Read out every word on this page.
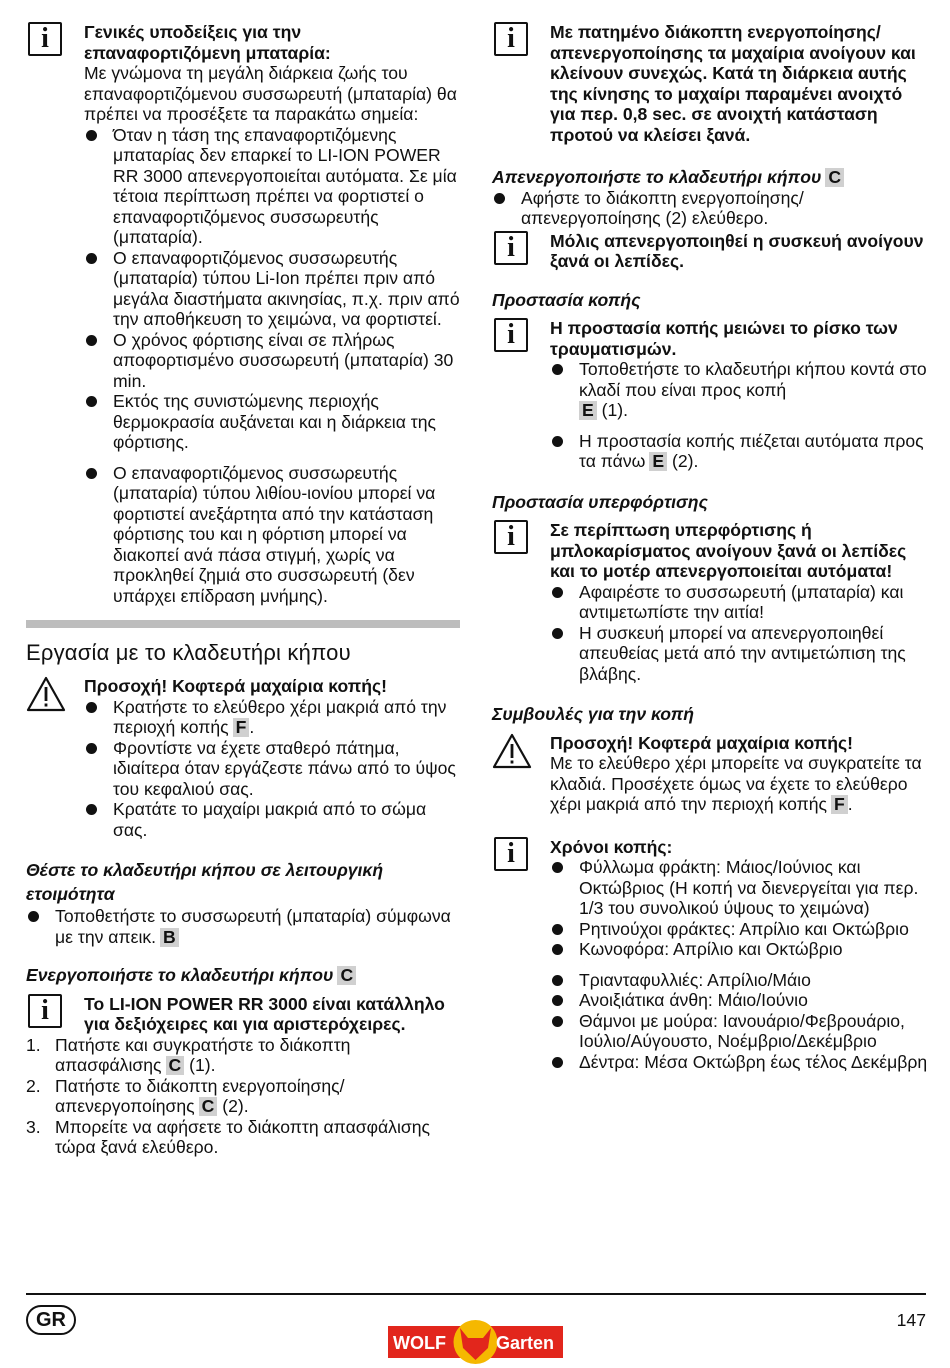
i	Γενικές υποδείξεις για την επαναφορτιζόμενη μπαταρία:

Με γνώμονα τη μεγάλη διάρκεια ζωής του επαναφορτιζόμενου συσσωρευτή (μπαταρία) θα πρέπει να προσέξετε τα παρακάτω σημεία:

Όταν η τάση της επαναφορτιζόμενης μπαταρίας δεν επαρκεί το LI-ION POWER RR 3000 απενεργοποιείται αυτόματα. Σε μία τέτοια περίπτωση πρέπει να φορτιστεί ο επαναφορτιζόμενος συσσωρευτής (μπαταρία).
Ο επαναφορτιζόμενος συσσωρευτής (μπαταρία) τύπου Li-Ion πρέπει πριν από μεγάλα διαστήματα ακινησίας, π.χ. πριν από την αποθήκευση το χειμώνα, να φορτιστεί.
Ο χρόνος φόρτισης είναι σε πλήρως αποφορτισμένο συσσωρευτή (μπαταρία) 30 min.
Εκτός της συνιστώμενης περιοχής θερμοκρασία αυξάνεται και η διάρκεια της φόρτισης.
Ο επαναφορτιζόμενος συσσωρευτής (μπαταρία) τύπου λιθίου-ιονίου μπορεί να φορτιστεί ανεξάρτητα από την κατάσταση φόρτισης του και η φόρτιση μπορεί να διακοπεί ανά πάσα στιγμή, χωρίς να προκληθεί ζημιά στο συσσωρευτή (δεν υπάρχει επίδραση μνήμης).
Εργασία με το κλαδευτήρι κήπου

Προσοχή! Κοφτερά μαχαίρια κοπής!

Κρατήστε το ελεύθερο χέρι μακριά από την περιοχή κοπής F .
Φροντίστε να έχετε σταθερό πάτημα, ιδιαίτερα όταν εργάζεστε πάνω από το ύψος του κεφαλιού σας.
Κρατάτε το μαχαίρι μακριά από το σώμα σας.

Θέστε το κλαδευτήρι κήπου σε λειτουργική ετοιμότητα

Τοποθετήστε το συσσωρευτή (μπαταρία) σύμφωνα με την απεικ. B

Ενεργοποιήστε το κλαδευτήρι κήπου C

i	Το LI-ION POWER RR 3000 είναι κατάλληλο για δεξιόχειρες και για αριστερόχειρες.

1. Πατήστε και συγκρατήστε το διάκοπτη απασφάλισης C (1).
2. Πατήστε το διάκοπτη ενεργοποίησης/απενεργοποίησης C (2).
3. Μπορείτε να αφήσετε το διάκοπτη απασφάλισης τώρα ξανά ελεύθερο.
i	Με πατημένο διάκοπτη ενεργοποίησης/απενεργοποίησης τα μαχαίρια ανοίγουν και κλείνουν συνεχώς. Κατά τη διάρκεια αυτής της κίνησης το μαχαίρι παραμένει ανοιχτό για περ. 0,8 sec. σε ανοιχτή κατάσταση προτού να κλείσει ξανά.

Απενεργοποιήστε το κλαδευτήρι κήπου C

Αφήστε το διάκοπτη ενεργοποίησης/απενεργοποίησης (2) ελεύθερο.
i	Μόλις απενεργοποιηθεί η συσκευή ανοίγουν ξανά οι λεπίδες.

Προστασία κοπής

i	Η προστασία κοπής μειώνει το ρίσκο των τραυματισμών.

Τοποθετήστε το κλαδευτήρι κήπου κοντά στο κλαδί που είναι προς κοπή
E (1).
Η προστασία κοπής πιέζεται αυτόματα προς τα πάνω E (2).

Προστασία υπερφόρτισης

i	Σε περίπτωση υπερφόρτισης ή μπλοκαρίσματος ανοίγουν ξανά οι λεπίδες και το μοτέρ απενεργοποιείται αυτόματα!

Αφαιρέστε το συσσωρευτή (μπαταρία) και αντιμετωπίστε την αιτία!
Η συσκευή μπορεί να απενεργοποιηθεί απευθείας μετά από την αντιμετώπιση της βλάβης.

Συμβουλές για την κοπή

Προσοχή! Κοφτερά μαχαίρια κοπής!

Με το ελεύθερο χέρι μπορείτε να συγκρατείτε τα κλαδιά. Προσέχετε όμως να έχετε το ελεύθερο χέρι μακριά από την περιοχή κοπής F .

i	Χρόνοι κοπής:

Φύλλωμα φράκτη: Μάιος/Ιούνιος και Οκτώβριος (Η κοπή να διενεργείται για περ. 1/3 του συνολικού ύψους το χειμώνα)
Ρητινούχοι φράκτες: Απρίλιο και Οκτώβριο
Κωνοφόρα: Απρίλιο και Οκτώβριο
Τριανταφυλλιές: Απρίλιο/Μάιο
Ανοιξιάτικα άνθη: Μάιο/Ιούνιο
Θάμνοι με μούρα: Ιανουάριο/Φεβρουάριο, Ιούλιο/Αύγουστο, Νοέμβριο/Δεκέμβριο
Δέντρα: Μέσα Οκτώβρη έως τέλος Δεκέμβρη
GR	147
WOLF	Garten
